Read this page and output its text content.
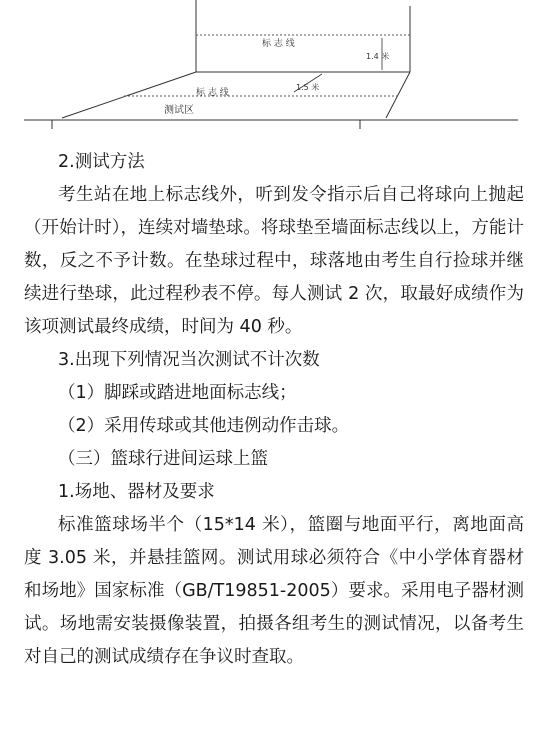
标 志 线
1.4 米
标 志 线
1.5 米
测试区

2.测试方法

考生站在地上标志线外，听到发令指示后自己将球向上抛起（开始计时），连续对墙垫球。将球垫至墙面标志线以上，方能计数，反之不予计数。在垫球过程中，球落地由考生自行捡球并继续进行垫球，此过程秒表不停。每人测试 2 次，取最好成绩作为该项测试最终成绩，时间为 40 秒。

3.出现下列情况当次测试不计次数

（1）脚踩或踏进地面标志线；

（2）采用传球或其他违例动作击球。

（三）篮球行进间运球上篮

1.场地、器材及要求

标准篮球场半个（15*14 米），篮圈与地面平行，离地面高度 3.05 米，并悬挂篮网。测试用球必须符合《中小学体育器材和场地》国家标准（GB/T19851-2005）要求。采用电子器材测试。场地需安装摄像装置，拍摄各组考生的测试情况，以备考生对自己的测试成绩存在争议时查取。
